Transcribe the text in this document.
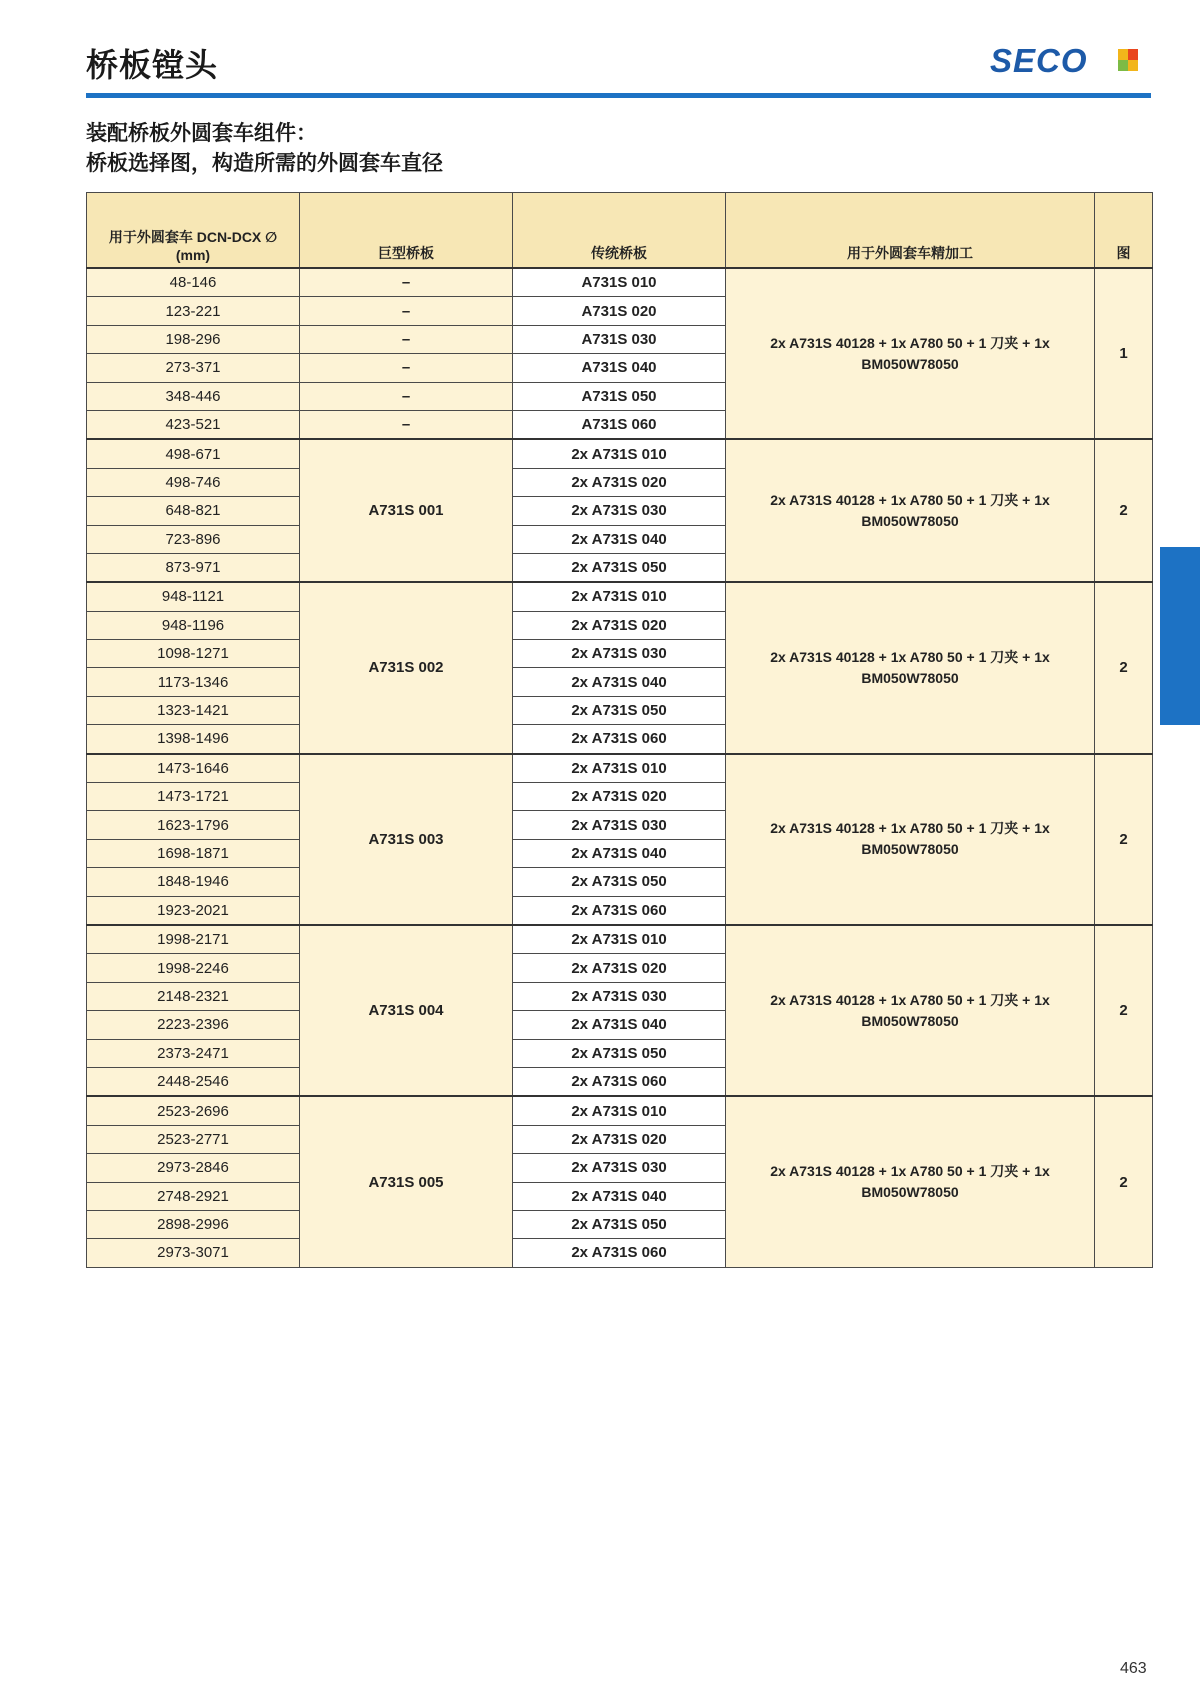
桥板镗头	SECO
装配桥板外圆套车组件：
桥板选择图，构造所需的外圆套车直径
用于外圆套车 DCN-DCX ∅
(mm)	巨型桥板	传统桥板	用于外圆套车精加工	图
48-146	–	A731S 010	2x A731S 40128 + 1x A780 50 + 1 刀夹 + 1x
BM050W78050	1
123-221	–	A731S 020		
198-296	–	A731S 030		
273-371	–	A731S 040		
348-446	–	A731S 050		
423-521	–	A731S 060		
498-671	A731S 001	2x A731S 010	2x A731S 40128 + 1x A780 50 + 1 刀夹 + 1x
BM050W78050	2
498-746		2x A731S 020		
648-821		2x A731S 030		
723-896		2x A731S 040		
873-971		2x A731S 050		
948-1121	A731S 002	2x A731S 010	2x A731S 40128 + 1x A780 50 + 1 刀夹 + 1x
BM050W78050	2
948-1196		2x A731S 020		
1098-1271		2x A731S 030		
1173-1346		2x A731S 040		
1323-1421		2x A731S 050		
1398-1496		2x A731S 060		
1473-1646	A731S 003	2x A731S 010	2x A731S 40128 + 1x A780 50 + 1 刀夹 + 1x
BM050W78050	2
1473-1721		2x A731S 020		
1623-1796		2x A731S 030		
1698-1871		2x A731S 040		
1848-1946		2x A731S 050		
1923-2021		2x A731S 060		
1998-2171	A731S 004	2x A731S 010	2x A731S 40128 + 1x A780 50 + 1 刀夹 + 1x
BM050W78050	2
1998-2246		2x A731S 020		
2148-2321		2x A731S 030		
2223-2396		2x A731S 040		
2373-2471		2x A731S 050		
2448-2546		2x A731S 060		
2523-2696	A731S 005	2x A731S 010	2x A731S 40128 + 1x A780 50 + 1 刀夹 + 1x
BM050W78050	2
2523-2771		2x A731S 020		
2973-2846		2x A731S 030		
2748-2921		2x A731S 040		
2898-2996		2x A731S 050		
2973-3071		2x A731S 060		
463
